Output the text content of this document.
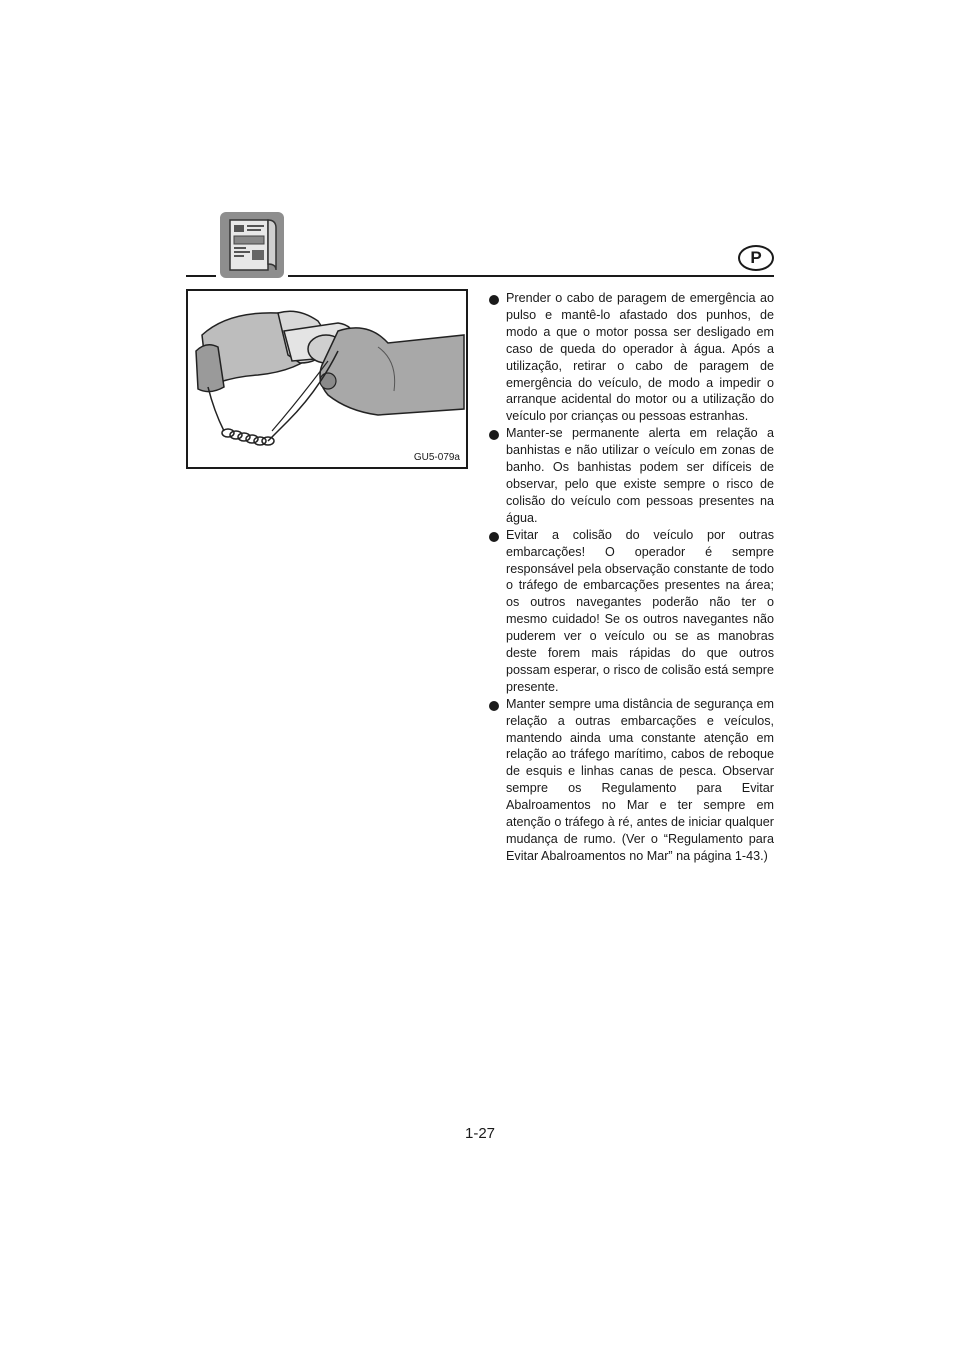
P
GU5-079a
Prender o cabo de paragem de emergência ao pulso e mantê-lo afastado dos punhos, de modo a que o motor possa ser desligado em caso de queda do operador à água. Após a utilização, retirar o cabo de paragem de emergência do veículo, de modo a impedir o arranque acidental do motor ou a utilização do veículo por crianças ou pessoas estranhas.
Manter-se permanente alerta em relação a banhistas e não utilizar o veículo em zonas de banho. Os banhistas podem ser difíceis de observar, pelo que existe sempre o risco de colisão do veículo com pessoas presentes na água.
Evitar a colisão do veículo por outras embarcações! O operador é sempre responsável pela observação constante de todo o tráfego de embarcações presentes na área; os outros navegantes poderão não ter o mesmo cuidado! Se os outros navegantes não puderem ver o veículo ou se as manobras deste forem mais rápidas do que outros possam esperar, o risco de colisão está sempre presente.
Manter sempre uma distância de segurança em relação a outras embarcações e veículos, mantendo ainda uma constante atenção em relação ao tráfego marítimo, cabos de reboque de esquis e linhas canas de pesca. Observar sempre os Regulamento para Evitar Abalroamentos no Mar e ter sempre em atenção o tráfego à ré, antes de iniciar qualquer mudança de rumo. (Ver o “Regulamento para Evitar Abalroamentos no Mar” na página 1-43.)
1-27
